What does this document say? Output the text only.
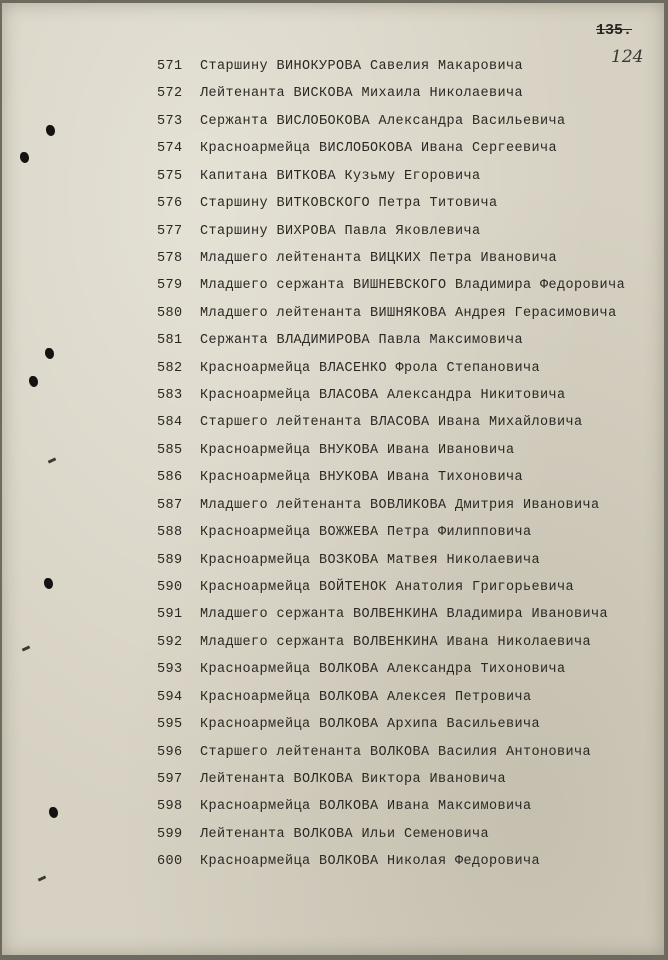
135.
124
571 Старшину ВИНОКУРОВА Савелия Макаровича
572 Лейтенанта ВИСКОВА Михаила Николаевича
573 Сержанта ВИСЛОБОКОВА Александра Васильевича
574 Красноармейца ВИСЛОБОКОВА Ивана Сергеевича
575 Капитана ВИТКОВА Кузьму Егоровича
576 Старшину ВИТКОВСКОГО Петра Титовича
577 Старшину ВИХРОВА Павла Яковлевича
578 Младшего лейтенанта ВИЦКИХ Петра Ивановича
579 Младшего сержанта ВИШНЕВСКОГО Владимира Федоровича
580 Младшего лейтенанта ВИШНЯКОВА Андрея Герасимовича
581 Сержанта ВЛАДИМИРОВА Павла Максимовича
582 Красноармейца ВЛАСЕНКО Фрола Степановича
583 Красноармейца ВЛАСОВА Александра Никитовича
584 Старшего лейтенанта ВЛАСОВА Ивана Михайловича
585 Красноармейца ВНУКОВА Ивана Ивановича
586 Красноармейца ВНУКОВА Ивана Тихоновича
587 Младшего лейтенанта ВОВЛИКОВА Дмитрия Ивановича
588 Красноармейца ВОЖЖЕВА Петра Филипповича
589 Красноармейца ВОЗКОВА Матвея Николаевича
590 Красноармейца ВОЙТЕНОК Анатолия Григорьевича
591 Младшего сержанта ВОЛВЕНКИНА Владимира Ивановича
592 Младшего сержанта ВОЛВЕНКИНА Ивана Николаевича
593 Красноармейца ВОЛКОВА Александра Тихоновича
594 Красноармейца ВОЛКОВА Алексея Петровича
595 Красноармейца ВОЛКОВА Архипа Васильевича
596 Старшего лейтенанта ВОЛКОВА Василия Антоновича
597 Лейтенанта ВОЛКОВА Виктора Ивановича
598 Красноармейца ВОЛКОВА Ивана Максимовича
599 Лейтенанта ВОЛКОВА Ильи Семеновича
600 Красноармейца ВОЛКОВА Николая Федоровича
